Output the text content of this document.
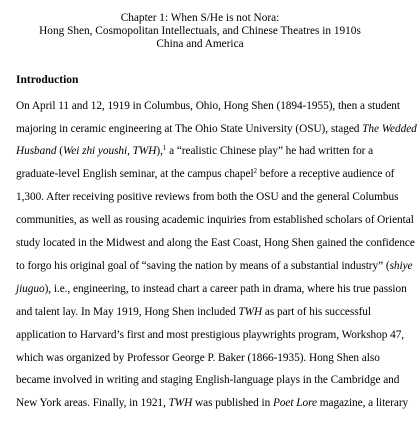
Chapter 1: When S/He is not Nora:
Hong Shen, Cosmopolitan Intellectuals, and Chinese Theatres in 1910s
China and America
Introduction
On April 11 and 12, 1919 in Columbus, Ohio, Hong Shen (1894-1955), then a student
majoring in ceramic engineering at The Ohio State University (OSU), staged The Wedded
Husband (Wei zhi youshi, TWH),$^1$ a “realistic Chinese play” he had written for a
graduate-level English seminar, at the campus chapel$^2$ before a receptive audience of
1,300. After receiving positive reviews from both the OSU and the general Columbus
communities, as well as rousing academic inquiries from established scholars of Oriental
study located in the Midwest and along the East Coast, Hong Shen gained the confidence
to forgo his original goal of “saving the nation by means of a substantial industry” (shiye
jiuguo), i.e., engineering, to instead chart a career path in drama, where his true passion
and talent lay. In May 1919, Hong Shen included TWH as part of his successful
application to Harvard’s first and most prestigious playwrights program, Workshop 47,
which was organized by Professor George P. Baker (1866-1935). Hong Shen also
became involved in writing and staging English-language plays in the Cambridge and
New York areas. Finally, in 1921, TWH was published in Poet Lore magazine, a literary
